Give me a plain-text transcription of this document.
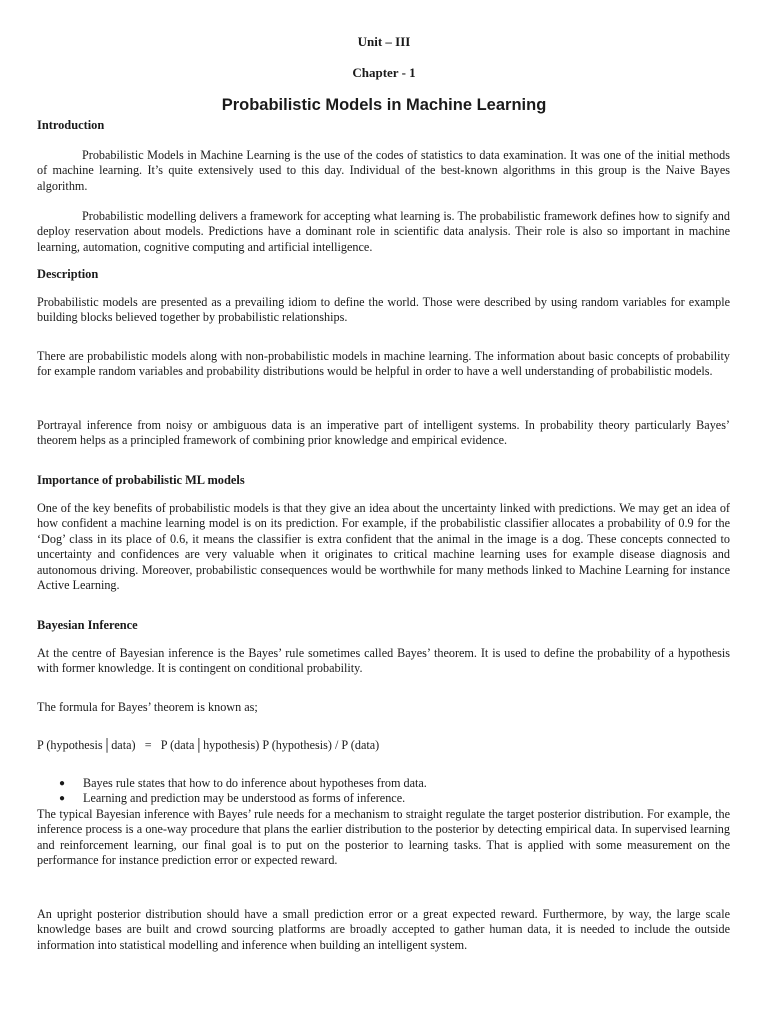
Unit – III
Chapter - 1
Probabilistic Models in Machine Learning
Introduction

Probabilistic Models in Machine Learning is the use of the codes of statistics to data examination. It was one of the initial methods of machine learning. It’s quite extensively used to this day. Individual of the best-known algorithms in this group is the Naive Bayes algorithm.

Probabilistic modelling delivers a framework for accepting what learning is. The probabilistic framework defines how to signify and deploy reservation about models. Predictions have a dominant role in scientific data analysis. Their role is also so important in machine learning, automation, cognitive computing and artificial intelligence.

Description

Probabilistic models are presented as a prevailing idiom to define the world. Those were described by using random variables for example building blocks believed together by probabilistic relationships.

There are probabilistic models along with non-probabilistic models in machine learning. The information about basic concepts of probability for example random variables and probability distributions would be helpful in order to have a well understanding of probabilistic models.

Portrayal inference from noisy or ambiguous data is an imperative part of intelligent systems. In probability theory particularly Bayes’ theorem helps as a principled framework of combining prior knowledge and empirical evidence.

Importance of probabilistic ML models

One of the key benefits of probabilistic models is that they give an idea about the uncertainty linked with predictions. We may get an idea of how confident a machine learning model is on its prediction. For example, if the probabilistic classifier allocates a probability of 0.9 for the ‘Dog’ class in its place of 0.6, it means the classifier is extra confident that the animal in the image is a dog. These concepts connected to uncertainty and confidences are very valuable when it originates to critical machine learning uses for example disease diagnosis and autonomous driving. Moreover, probabilistic consequences would be worthwhile for many methods linked to Machine Learning for instance Active Learning.

Bayesian Inference

At the centre of Bayesian inference is the Bayes’ rule sometimes called Bayes’ theorem. It is used to define the probability of a hypothesis with former knowledge. It is contingent on conditional probability.

The formula for Bayes’ theorem is known as;

P (hypothesis│data)   =   P (data│hypothesis) P (hypothesis) / P (data)
● Bayes rule states that how to do inference about hypotheses from data.
● Learning and prediction may be understood as forms of inference.

The typical Bayesian inference with Bayes’ rule needs for a mechanism to straight regulate the target posterior distribution. For example, the inference process is a one-way procedure that plans the earlier distribution to the posterior by detecting empirical data. In supervised learning and reinforcement learning, our final goal is to put on the posterior to learning tasks. That is applied with some measurement on the performance for instance prediction error or expected reward.

An upright posterior distribution should have a small prediction error or a great expected reward. Furthermore, by way, the large scale knowledge bases are built and crowd sourcing platforms are broadly accepted to gather human data, it is needed to include the outside information into statistical modelling and inference when building an intelligent system.
